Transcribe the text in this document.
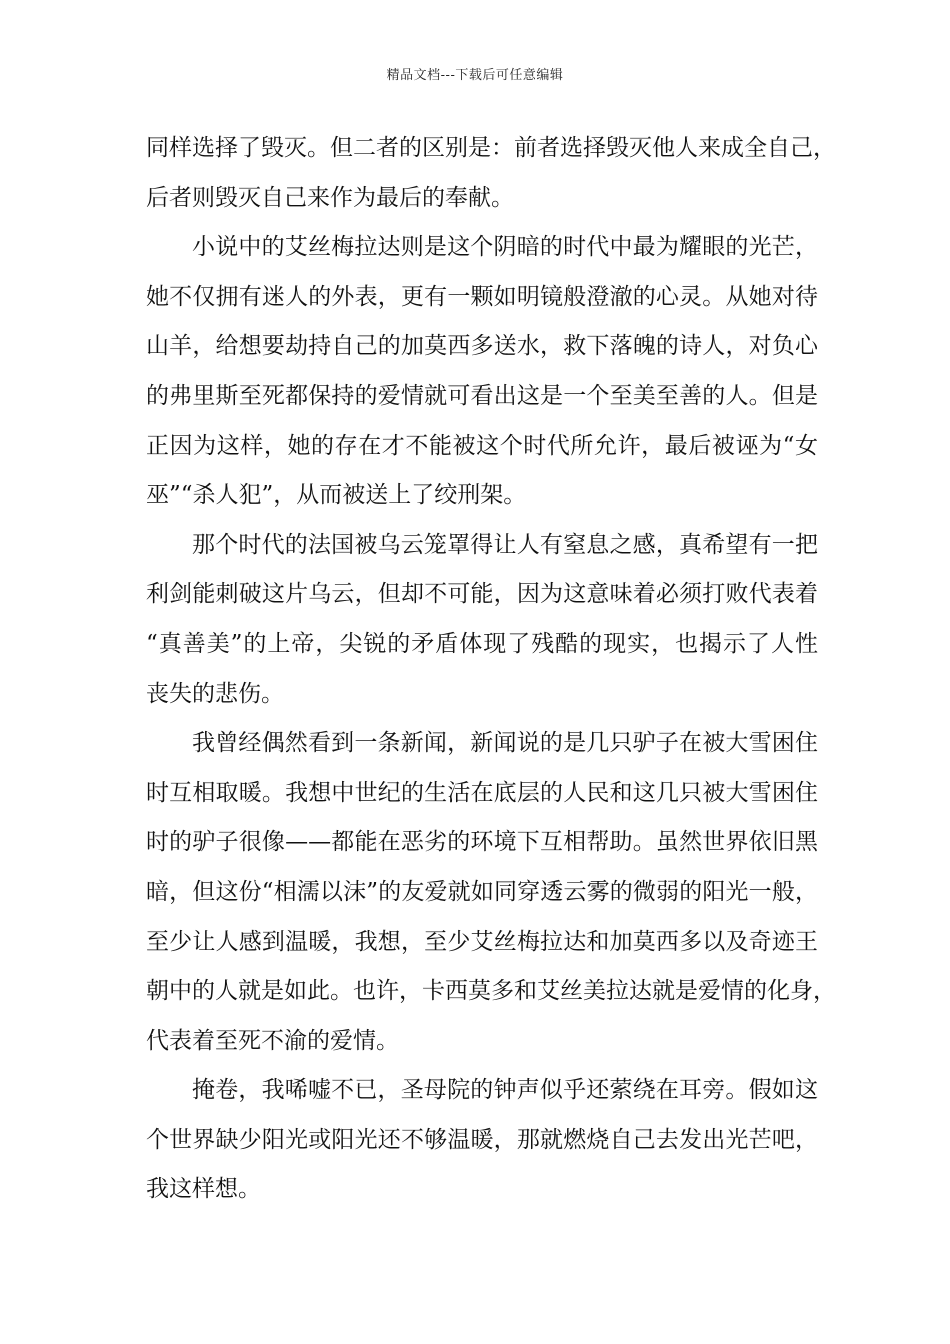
精品文档---下载后可任意编辑
同样选择了毁灭。但二者的区别是：前者选择毁灭他人来成全自己，
后者则毁灭自己来作为最后的奉献。
小说中的艾丝梅拉达则是这个阴暗的时代中最为耀眼的光芒，
她不仅拥有迷人的外表，更有一颗如明镜般澄澈的心灵。从她对待
山羊，给想要劫持自己的加莫西多送水，救下落魄的诗人，对负心
的弗里斯至死都保持的爱情就可看出这是一个至美至善的人。但是
正因为这样，她的存在才不能被这个时代所允许，最后被诬为“女
巫”“杀人犯”，从而被送上了绞刑架。
那个时代的法国被乌云笼罩得让人有窒息之感，真希望有一把
利剑能刺破这片乌云，但却不可能，因为这意味着必须打败代表着
“真善美”的上帝，尖锐的矛盾体现了残酷的现实，也揭示了人性
丧失的悲伤。
我曾经偶然看到一条新闻，新闻说的是几只驴子在被大雪困住
时互相取暖。我想中世纪的生活在底层的人民和这几只被大雪困住
时的驴子很像——都能在恶劣的环境下互相帮助。虽然世界依旧黑
暗，但这份“相濡以沫”的友爱就如同穿透云雾的微弱的阳光一般，
至少让人感到温暖，我想，至少艾丝梅拉达和加莫西多以及奇迹王
朝中的人就是如此。也许，卡西莫多和艾丝美拉达就是爱情的化身，
代表着至死不渝的爱情。
掩卷，我唏嘘不已，圣母院的钟声似乎还萦绕在耳旁。假如这
个世界缺少阳光或阳光还不够温暖，那就燃烧自己去发出光芒吧，
我这样想。
